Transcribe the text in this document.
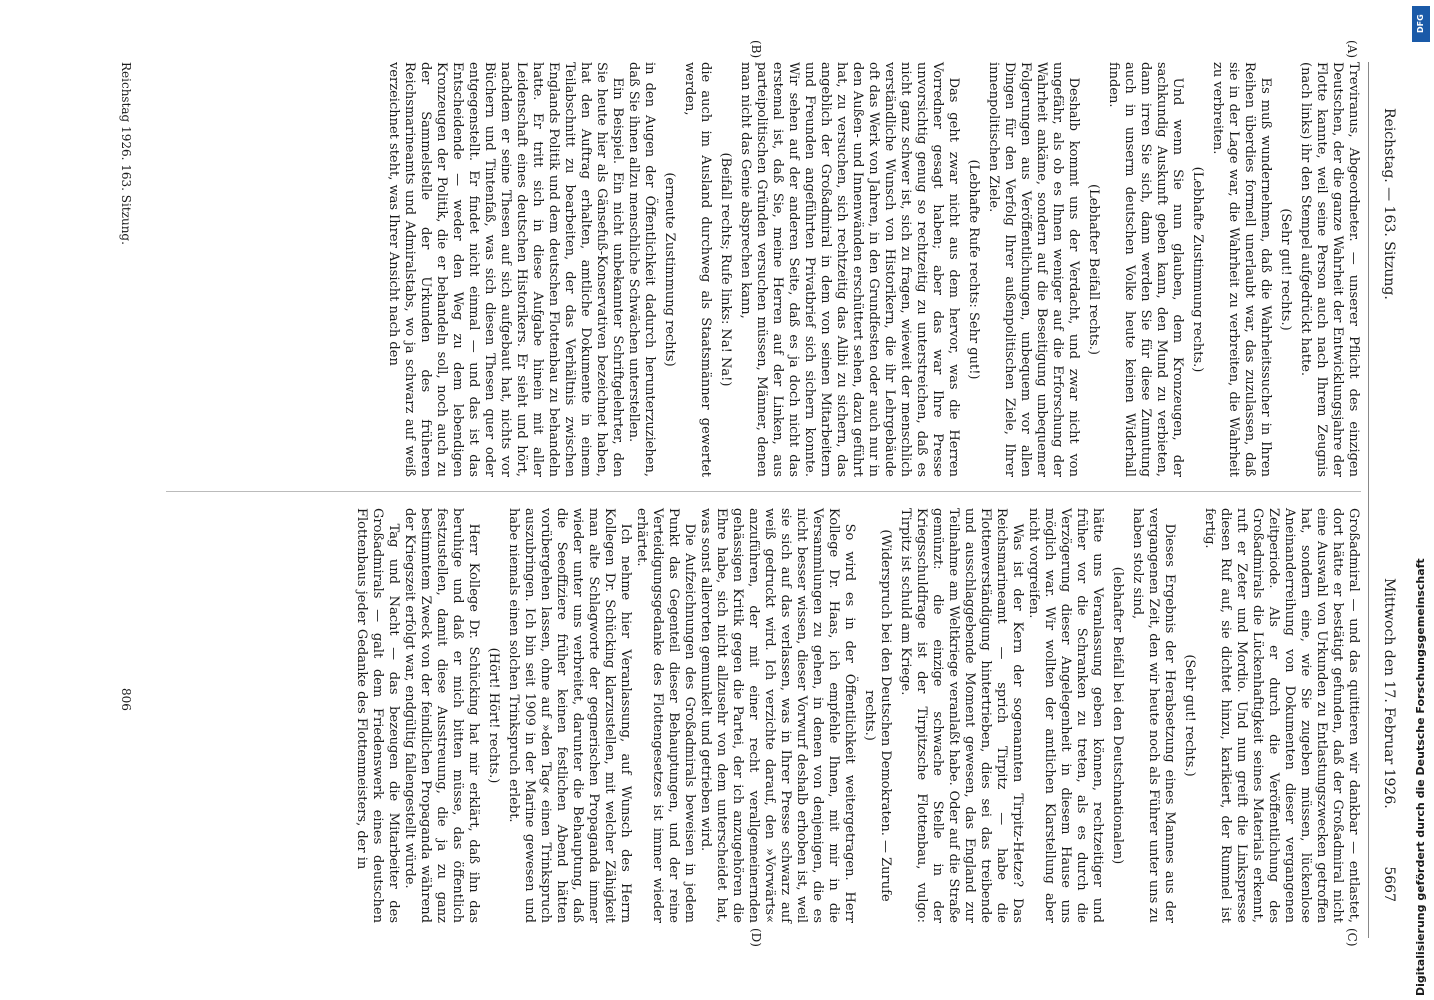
Reichstag. — 163. Sitzung.
Mittwoch den 17. Februar 1926.
5667
(A)
(B)
(C)
(D)

Treviranus, Abgeordneter. — unserer Pflicht des einzigen Deutschen, der die ganze Wahrheit der Entwicklungsjahre der Flotte kannte, weil seine Person auch nach Ihrem Zeugnis (nach links) ihr den Stempel aufgedrückt hatte.

(Sehr gut! rechts.)

Es muß wundernehmen, daß die Wahrheitssucher in Ihren Reihen überdies formell unerlaubt war, das zuzulassen, daß sie in der Lage war, die Wahrheit zu verbreiten, die Wahrheit zu verbreiten.

(Lebhafte Zustimmung rechts.)

Und wenn Sie nun glauben, dem Kronzeugen, der sachkundig Auskunft geben kann, den Mund zu verbieten, dann irren Sie sich, dann werden Sie für diese Zumutung auch in unserm deutschen Volke heute keinen Widerhall finden.

(Lebhafter Beifall rechts.)

Deshalb kommt uns der Verdacht, und zwar nicht von ungefähr, als ob es Ihnen weniger auf die Erforschung der Wahrheit ankäme, sondern auf die Beseitigung unbequemer Folgerungen aus Veröffentlichungen, unbequem vor allen Dingen für den Verfolg Ihrer außenpolitischen Ziele, Ihrer innenpolitischen Ziele.

(Lebhafte Rufe rechts: Sehr gut!)

Das geht zwar nicht aus dem hervor, was die Herren Vorredner gesagt haben; aber das war Ihre Presse unvorsichtig genug so rechtzeitig zu unterstreichen, daß es nicht ganz schwer ist, sich zu fragen, wieweit der menschlich verständliche Wunsch von Historikern, die ihr Lehrgebäude oft das Werk von Jahren, in den Grundfesten oder auch nur in den Außen- und Innenwänden erschüttert sehen, dazu geführt hat, zu versuchen, sich rechtzeitig das Alibi zu sichern, das angeblich der Großadmiral in dem von seinen Mitarbeitern und Freunden angeführten Privatbrief sich sichern konnte. Wir sehen auf der anderen Seite, daß es ja doch nicht das erstemal ist, daß Sie, meine Herren auf der Linken, aus parteipolitischen Gründen versuchen müssen, Männer, denen man nicht das Genie absprechen kann,

(Beifall rechts; Rufe links: Na! Na!)

die auch im Ausland durchweg als Staatsmänner gewertet werden,

(erneute Zustimmung rechts)

in den Augen der Öffentlichkeit dadurch herunterzuziehen, daß Sie ihnen allzu menschliche Schwächen unterstellen.

Ein Beispiel. Ein nicht unbekannter Schriftgelehrter, den Sie heute hier als Gänsefuß-Konservativen bezeichnet haben, hat den Auftrag erhalten, amtliche Dokumente in einem Teilabschnitt zu bearbeiten, der das Verhältnis zwischen Englands Politik und dem deutschen Flottenbau zu behandeln hatte. Er tritt sich in diese Aufgabe hinein mit aller Leidenschaft eines deutschen Historikers. Er sieht und hört, nachdem er seine Thesen auf sich aufgebaut hat, nichts vor Büchern und Tintenfaß, was sich diesen Thesen quer oder entgegenstellt. Er findet nicht einmal — und das ist das Entscheidende — weder den Weg zu dem lebendigen Kronzeugen der Politik, die er behandeln soll, noch auch zu der Sammelstelle der Urkunden des früheren Reichsmarineamts und Admiralstabs, wo ja schwarz auf weiß verzeichnet steht, was Ihrer Ansicht nach den

Großadmiral — und das quittieren wir dankbar — entlastet, dort hätte er bestätigt gefunden, daß der Großadmiral nicht eine Auswahl von Urkunden zu Entlastungszwecken getroffen hat, sondern eine, wie Sie zugeben müssen, lückenlose Aneinanderreihung von Dokumenten dieser vergangenen Zeitperiode. Als er durch die Veröffentlichung des Großadmirals die Lückenhaftigkeit seines Materials erkennt, ruft er Zeter und Mordio. Und nun greift die Linkspresse diesen Ruf auf, sie dichtet hinzu, karikiert, der Rummel ist fertig.

(Sehr gut! rechts.)

Dieses Ergebnis der Herabsetzung eines Mannes aus der vergangenen Zeit, den wir heute noch als Führer unter uns zu haben stolz sind,

(lebhafter Beifall bei den Deutschnationalen)

hätte uns Veranlassung geben können, rechtzeitiger und früher vor die Schranken zu treten, als es durch die Verzögerung dieser Angelegenheit in diesem Hause uns möglich war. Wir wollten der amtlichen Klarstellung aber nicht vorgreifen.

Was ist der Kern der sogenannten Tirpitz-Hetze? Das Reichsmarineamt — sprich Tirpitz — habe die Flottenverständigung hintertrieben, dies sei das treibende und ausschlaggebende Moment gewesen, das England zur Teilnahme am Weltkriege veranlaßt habe. Oder auf die Straße gemünzt: die einzige schwache Stelle in der Kriegsschuldfrage ist der Tirpitzsche Flottenbau, vulgo: Tirpitz ist schuld am Kriege.

(Widerspruch bei den Deutschen Demokraten. — Zurufe rechts.)

So wird es in der Öffentlichkeit weitergetragen. Herr Kollege Dr. Haas, ich empfehle Ihnen, mit mir in die Versammlungen zu gehen, in denen von denjenigen, die es nicht besser wissen, dieser Vorwurf deshalb erhoben ist, weil sie sich auf das verlassen, was in Ihrer Presse schwarz auf weiß gedruckt wird. Ich verzichte darauf, den »Vorwärts« anzuführen, der mit einer recht verallgemeinernden gehässigen Kritik gegen die Partei, der ich anzugehören die Ehre habe, sich nicht allzusehr von dem unterscheidet hat, was sonst allerorten gemunkelt und getrieben wird.

Die Aufzeichnungen des Großadmirals beweisen in jedem Punkt das Gegenteil dieser Behauptungen, und der reine Verteidigungsgedanke des Flottengesetzes ist immer wieder erhärtet.

Ich nehme hier Veranlassung, auf Wunsch des Herrn Kollegen Dr. Schücking klarzustellen, mit welcher Zähigkeit man alte Schlagworte der gegnerischen Propaganda immer wieder unter uns verbreitet, darunter die Behauptung, daß die Seeoffiziere früher keinen festlichen Abend hätten vorübergehen lassen, ohne auf »den Tag« einen Trinkspruch auszubringen. Ich bin seit 1909 in der Marine gewesen und habe niemals einen solchen Trinkspruch erlebt.

(Hört! Hört! rechts.)

Herr Kollege Dr. Schücking hat mir erklärt, daß ihn das beruhige und daß er mich bitten müsse, das öffentlich festzustellen, damit diese Ausstreuung, die ja zu ganz bestimmtem Zweck von der feindlichen Propaganda während der Kriegszeit erfolgt war, endgültig fallengestellt würde.

Tag und Nacht — das bezeugen die Mitarbeiter des Großadmirals — galt dem Friedenswerk eines deutschen Flottenbaus jeder Gedanke des Flottenmeisters, der in

Reichstag 1926. 163. Sitzung.
806
DFG
Digitalisierung gefördert durch die Deutsche Forschungsgemeinschaft
